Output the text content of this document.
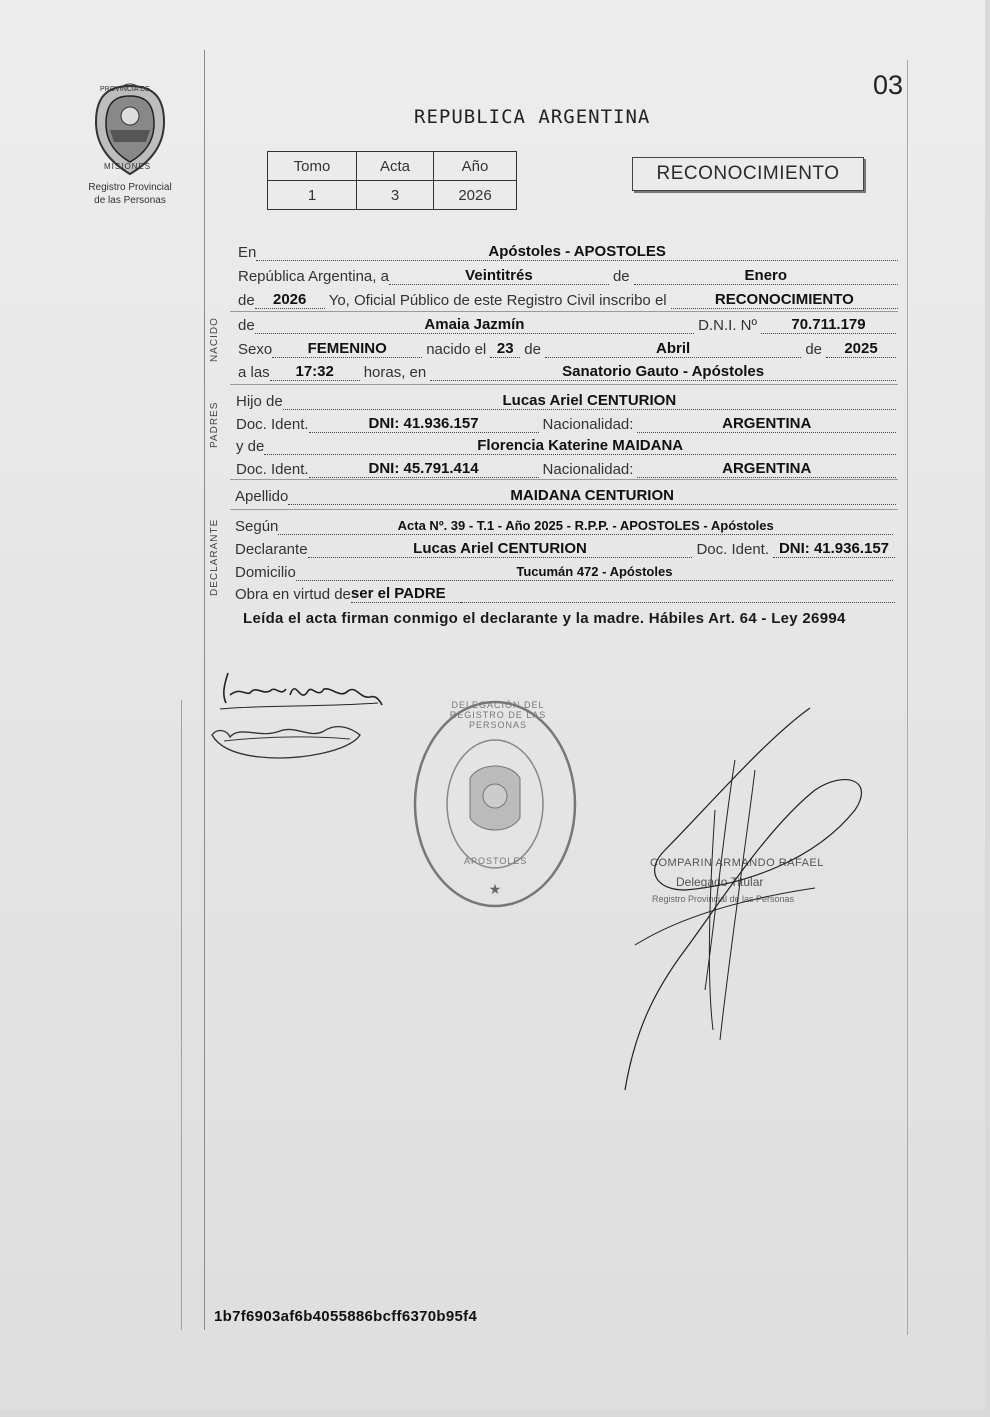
03
PROVINCIA DE
MISIONES
Registro Provincial
de las Personas
REPUBLICA ARGENTINA
Tomo	Acta	Año
1	3	2026
RECONOCIMIENTO
En	Apóstoles - APOSTOLES
República Argentina, a	Veintitrés	de	Enero
de	2026	Yo, Oficial Público de este Registro Civil inscribo el	RECONOCIMIENTO
NACIDO de	Amaia Jazmín	D.N.I. Nº	70.711.179
Sexo	FEMENINO	nacido el 23 de	Abril	de	2025
a las	17:32	horas, en	Sanatorio Gauto - Apóstoles
PADRES
Hijo de	Lucas Ariel CENTURION
Doc. Ident.	DNI: 41.936.157	Nacionalidad:	ARGENTINA
y de	Florencia Katerine MAIDANA
Doc. Ident.	DNI: 45.791.414	Nacionalidad:	ARGENTINA
Apellido	MAIDANA CENTURION
DECLARANTE Según	Acta Nº. 39 - T.1 - Año 2025 - R.P.P. - APOSTOLES - Apóstoles
Declarante	Lucas Ariel CENTURION	Doc. Ident. DNI: 41.936.157
Domicilio	Tucumán 472 - Apóstoles
Obra en virtud de ser el PADRE
Leída el acta firman conmigo el declarante y la madre. Hábiles Art. 64 - Ley 26994
★
DELEGACIÓN DEL REGISTRO DE LAS PERSONAS
APOSTOLES	COMPARIN ARMANDO RAFAEL
Delegado Titular
Registro Provincial de las Personas
1b7f6903af6b4055886bcff6370b95f4
